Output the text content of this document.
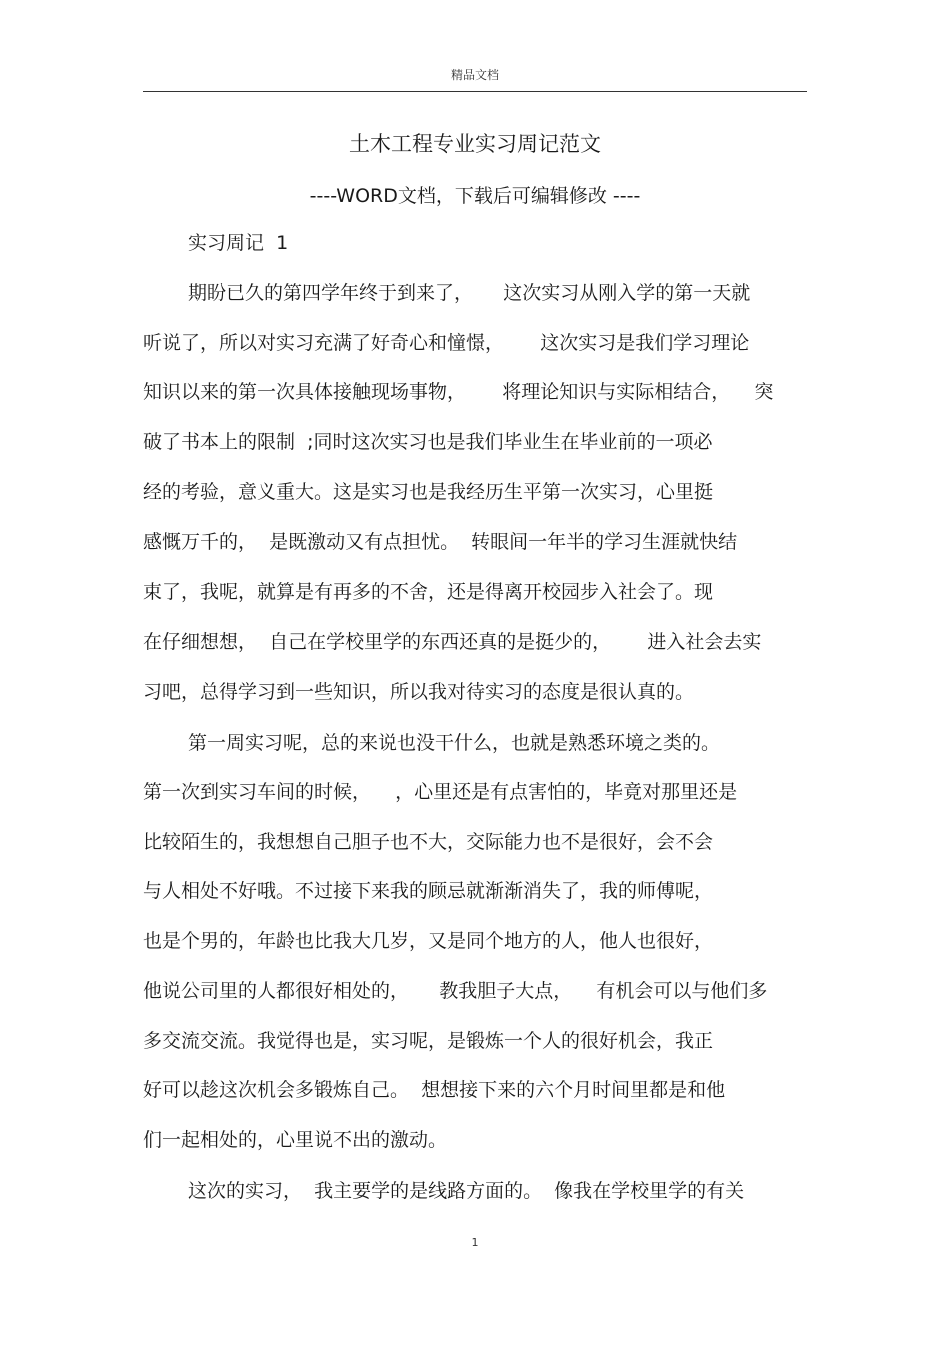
精品文档
土木工程专业实习周记范文
----WORD文档，下载后可编辑修改 ----
实习周记  1
期盼已久的第四学年终于到来了，     这次实习从刚入学的第一天就
听说了，所以对实习充满了好奇心和憧憬，      这次实习是我们学习理论
知识以来的第一次具体接触现场事物，      将理论知识与实际相结合，    突
破了书本上的限制  ;同时这次实习也是我们毕业生在毕业前的一项必
经的考验，意义重大。这是实习也是我经历生平第一次实习，心里挺
感慨万千的，  是既激动又有点担忧。  转眼间一年半的学习生涯就快结
束了，我呢，就算是有再多的不舍，还是得离开校园步入社会了。现
在仔细想想，  自己在学校里学的东西还真的是挺少的，      进入社会去实
习吧，总得学习到一些知识，所以我对待实习的态度是很认真的。
第一周实习呢，总的来说也没干什么，也就是熟悉环境之类的。
第一次到实习车间的时候，    ，心里还是有点害怕的，毕竟对那里还是
比较陌生的，我想想自己胆子也不大，交际能力也不是很好，会不会
与人相处不好哦。不过接下来我的顾忌就渐渐消失了，我的师傅呢，
也是个男的，年龄也比我大几岁，又是同个地方的人，他人也很好，
他说公司里的人都很好相处的，     教我胆子大点，    有机会可以与他们多
多交流交流。我觉得也是，实习呢，是锻炼一个人的很好机会，我正
好可以趁这次机会多锻炼自己。  想想接下来的六个月时间里都是和他
们一起相处的，心里说不出的激动。
这次的实习，  我主要学的是线路方面的。  像我在学校里学的有关
1
